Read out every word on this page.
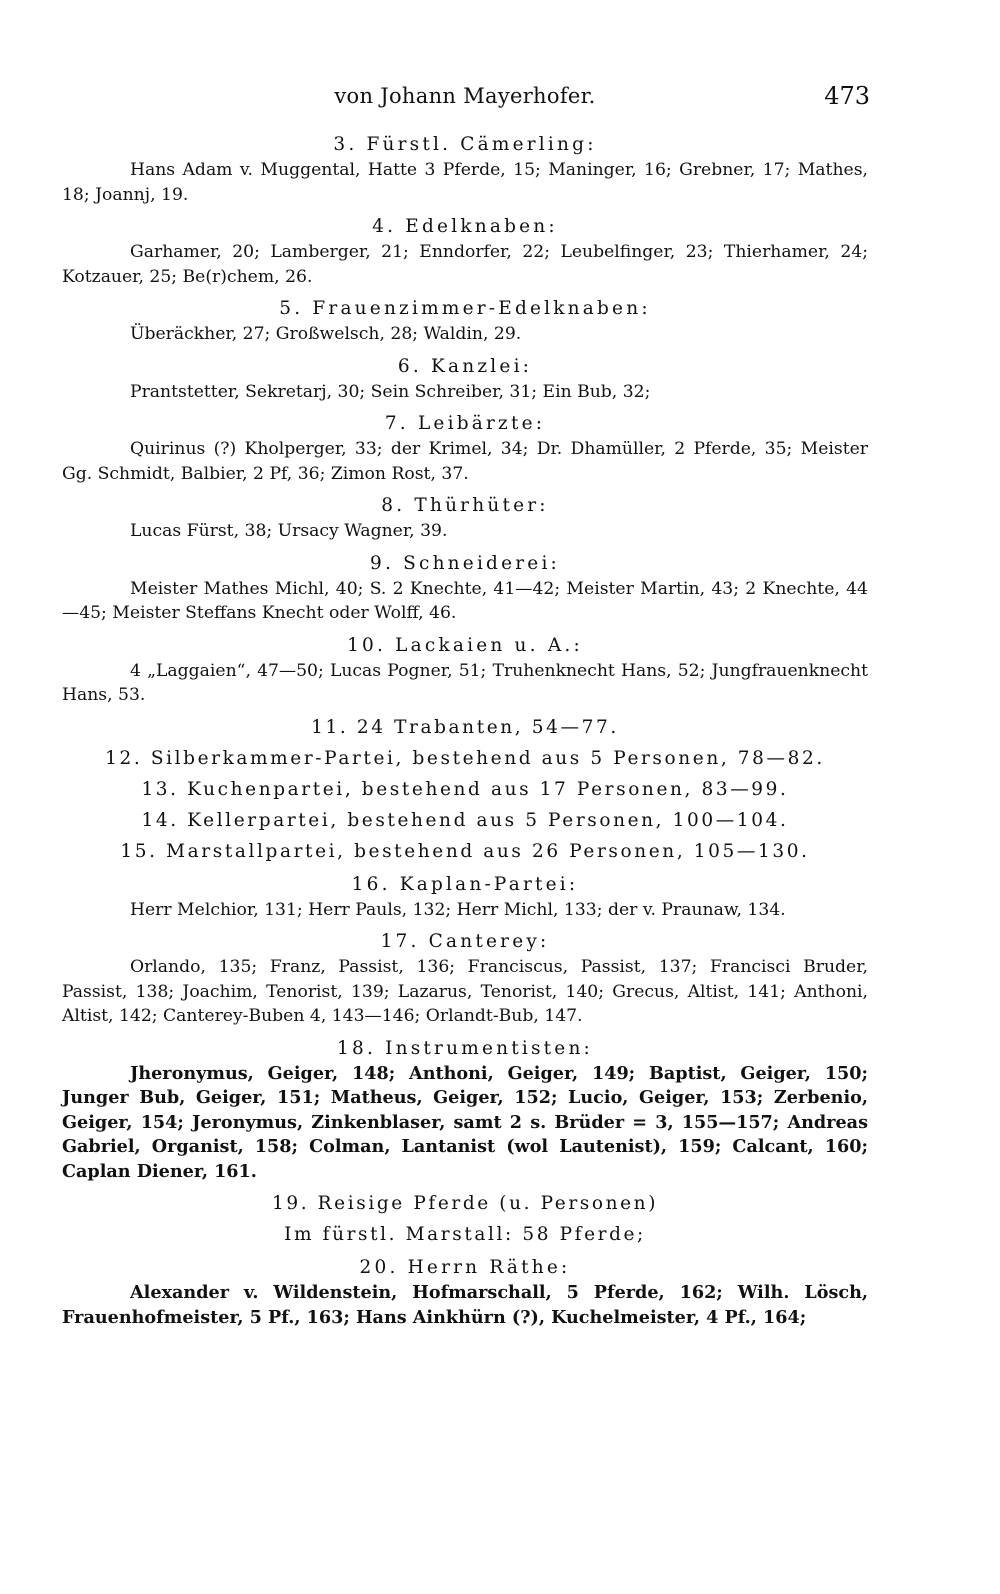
von Johann Mayerhofer.	473
3. Fürstl. Cämerling:
Hans Adam v. Muggental, Hatte 3 Pferde, 15; Maninger, 16; Grebner, 17; Mathes, 18; Joannj, 19.
4. Edelknaben:
Garhamer, 20; Lamberger, 21; Enndorfer, 22; Leubelfinger, 23; Thierhamer, 24; Kotzauer, 25; Be(r)chem, 26.
5. Frauenzimmer-Edelknaben:
Überäckher, 27; Großwelsch, 28; Waldin, 29.
6. Kanzlei:
Prantstetter, Sekretarj, 30; Sein Schreiber, 31; Ein Bub, 32;
7. Leibärzte:
Quirinus (?) Kholperger, 33; der Krimel, 34; Dr. Dhamüller, 2 Pferde, 35; Meister Gg. Schmidt, Balbier, 2 Pf, 36; Zimon Rost, 37.
8. Thürhüter:
Lucas Fürst, 38; Ursacy Wagner, 39.
9. Schneiderei:
Meister Mathes Michl, 40; S. 2 Knechte, 41—42; Meister Martin, 43; 2 Knechte, 44—45; Meister Steffans Knecht oder Wolff, 46.
10. Lackaien u. A.:
4 „Laggaien“, 47—50; Lucas Pogner, 51; Truhenknecht Hans, 52; Jungfrauenknecht Hans, 53.
11. 24 Trabanten, 54—77.
12. Silberkammer-Partei, bestehend aus 5 Personen, 78—82.
13. Kuchenpartei, bestehend aus 17 Personen, 83—99.
14. Kellerpartei, bestehend aus 5 Personen, 100—104.
15. Marstallpartei, bestehend aus 26 Personen, 105—130.
16. Kaplan-Partei:
Herr Melchior, 131; Herr Pauls, 132; Herr Michl, 133; der v. Praunaw, 134.
17. Canterey:
Orlando, 135; Franz, Passist, 136; Franciscus, Passist, 137; Francisci Bruder, Passist, 138; Joachim, Tenorist, 139; Lazarus, Tenorist, 140; Grecus, Altist, 141; Anthoni, Altist, 142; Canterey-Buben 4, 143—146; Orlandt-Bub, 147.
18. Instrumentisten:
Jheronymus, Geiger, 148; Anthoni, Geiger, 149; Baptist, Geiger, 150; Junger Bub, Geiger, 151; Matheus, Geiger, 152; Lucio, Geiger, 153; Zerbenio, Geiger, 154; Jeronymus, Zinkenblaser, samt 2 s. Brüder = 3, 155—157; Andreas Gabriel, Organist, 158; Colman, Lantanist (wol Lautenist), 159; Calcant, 160; Caplan Diener, 161.
19. Reisige Pferde (u. Personen)
Im fürstl. Marstall: 58 Pferde;
20. Herrn Räthe:
Alexander v. Wildenstein, Hofmarschall, 5 Pferde, 162; Wilh. Lösch, Frauenhofmeister, 5 Pf., 163; Hans Ainkhürn (?), Kuchelmeister, 4 Pf., 164;
